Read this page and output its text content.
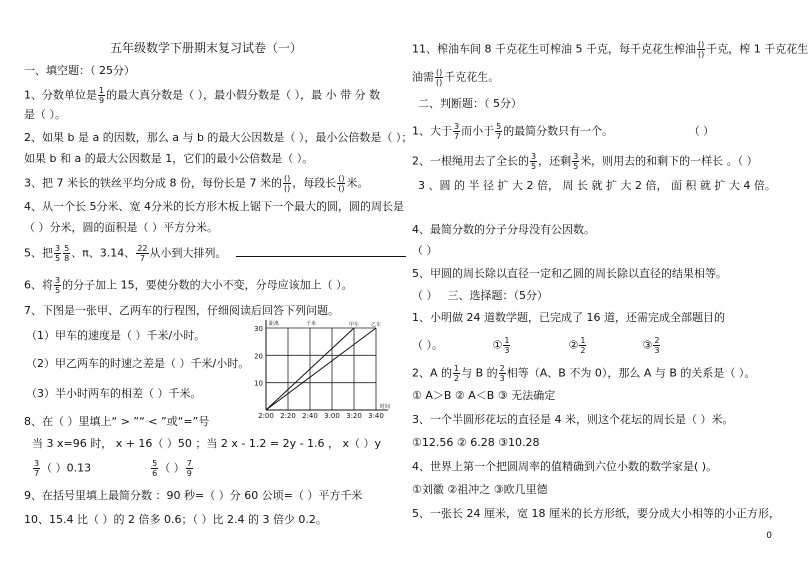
五年级数学下册期末复习试卷（一）
一、填空题：（ 25分）
1、分数单位是 $\frac{1}{9}$ 的最大真分数是（ ），最小假分数是（ ），最 小 带 分 数
是（ ）。
2、如果 b 是 a 的因数，那么 a 与 b 的最大公因数是（ ），最小公倍数是（ ）；
如果 b 和 a 的最大公因数是 1，它们的最小公倍数是（ ）。
3、把 7 米长的铁丝平均分成 8 份，每份长是 7 米的 $\frac{()}{()}$ ，每段长 $\frac{()}{()}$ 米。
4、从一个长 5分米、宽 4分米的长方形木板上锯下一个最大的圆，圆的周长是
（ ）分米，圆的面积是（ ）平方分米。
5、把 $\frac{3}{5} \frac{5}{8}$ 、π、3.14、 $\frac{22}{7}$ 从小到大排列。
6、将 $\frac{3}{5}$ 的分子加上 15，要使分数的大小不变，分母应该加上（ ）。
7、下图是一张甲、乙两车的行程图，仔细阅读后回答下列问题。
（1）甲车的速度是（ ）千米/小时。
（2）甲乙两车的时速之差是（ ）千米/小时。
（3）半小时两车的相差（ ）千米。
8、在（ ）里填上“ > ”“ < ”或“=”号
当 3 x=96 时， x + 16（ ）50 ；当 2 x - 1.2 = 2y - 1.6 ， x（ ）y
$\frac{3}{7}$ （ ）0.13	$\frac{5}{6}$ （ ） $\frac{7}{9}$
9、在括号里填上最简分数 ：90 秒=（ ）分 60 公顷=（ ）平方千米
10、15.4 比（ ）的 2 倍多 0.6；（ ）比 2.4 的 3 倍少 0.2。
2:00 2:20 2:40 3:00 3:20 3:40
10
20
30	甲车 乙车
距离	千米
时间
11、榨油车间 8 千克花生可榨油 5 千克，每千克花生榨油 $\frac{()}{()}$ 千克，榨 1 千克花生
油需 $\frac{()}{()}$ 千克花生。
二、判断题：（ 5分）
1、大于 $\frac{3}{7}$ 而小于 $\frac{5}{7}$ 的最简分数只有一个。	（ ）
2、一根绳用去了全长的 $\frac{3}{5}$ ，还剩 $\frac{3}{5}$ 米，则用去的和剩下的一样长 。（ ）
3 、圆 的 半 径 扩 大 2 倍， 周 长 就 扩 大 2 倍， 面 积 就 扩 大 4 倍。
4、最简分数的分子分母没有公因数。
（ ）
5、甲圆的周长除以直径一定和乙圆的周长除以直径的结果相等。
（ ） 三、选择题：（5分）
1、小明做 24 道数学题，已完成了 16 道，还需完成全部题目的
（ ）。	① $\frac{1}{3}$	② $\frac{1}{2}$	③ $\frac{2}{3}$
2、A 的 $\frac{1}{2}$ 与 B 的 $\frac{2}{3}$ 相等（A、B 不为 0），那么 A 与 B 的关系是（ ）。
① A＞B ② A＜B ③ 无法确定
3、一个半圆形花坛的直径是 4 米，则这个花坛的周长是（ ）米。
①12.56 ② 6.28 ③10.28
4、世界上第一个把圆周率的值精确到六位小数的数学家是( )。
①刘徽 ②祖冲之 ③欧几里德
5、一张长 24 厘米，宽 18 厘米的长方形纸，要分成大小相等的小正方形，
0
